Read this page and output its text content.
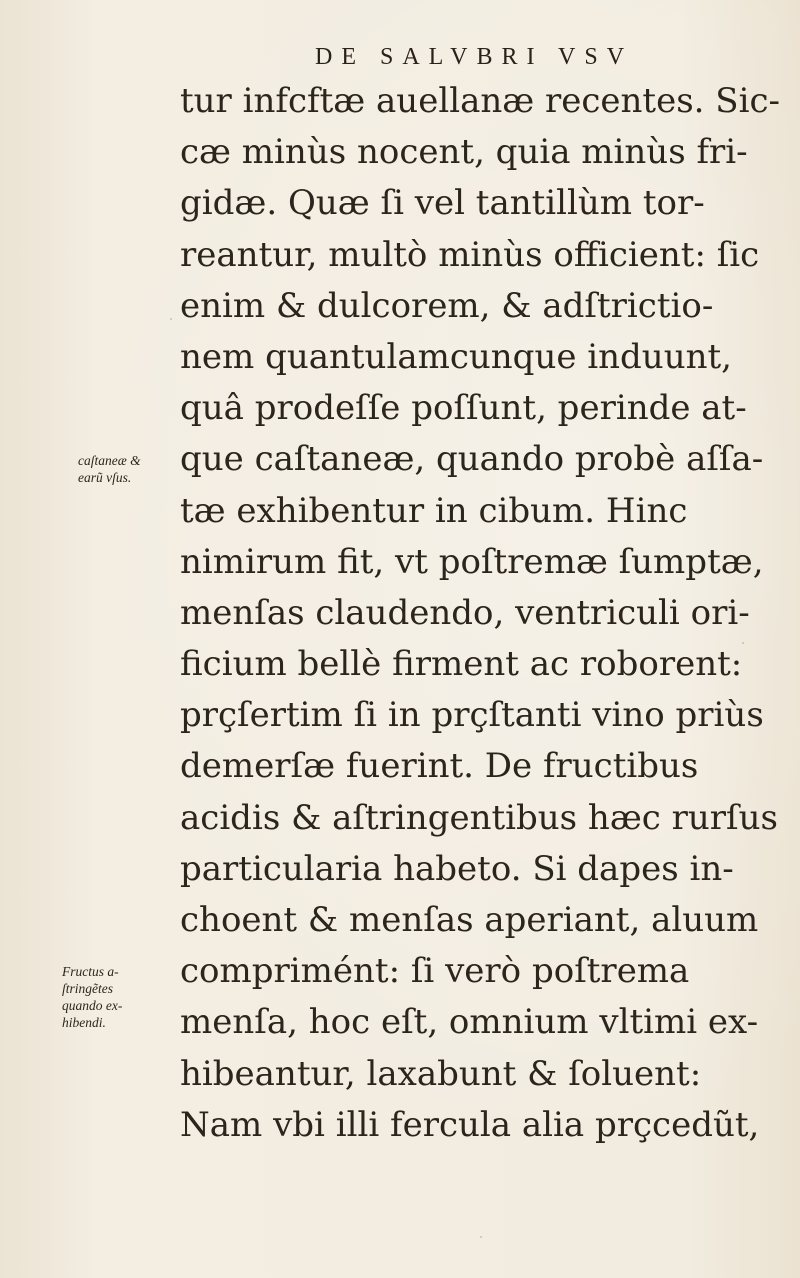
DE SALVBRI VSV
tur infcftæ auellanæ recentes. Sic-
cæ minùs nocent, quia minùs fri-
gidæ. Quæ ſi vel tantillùm tor-
reantur, multò minùs officient: ſic
enim & dulcorem, & adſtrictio-
nem quantulamcunque induunt,
quâ prodeſſe poſſunt, perinde at-
que caſtaneæ, quando probè aſſa-
tæ exhibentur in cibum. Hinc
nimirum fit, vt poſtremæ ſumptæ,
menſas claudendo, ventriculi ori-
ficium bellè firment ac roborent:
prçſertim ſi in prçſtanti vino priùs
demerſæ fuerint. De fructibus
acidis & aſtringentibus hæc rurſus
particularia habeto. Si dapes in-
choent & menſas aperiant, aluum
comprimént: ſi verò poſtrema
menſa, hoc eſt, omnium vltimi ex-
hibeantur, laxabunt & ſoluent:
Nam vbi illi fercula alia prçcedũt,
caſtaneæ &
earũ vſus.
Fructus a-
ſtringẽtes
quando ex-
hibendi.
